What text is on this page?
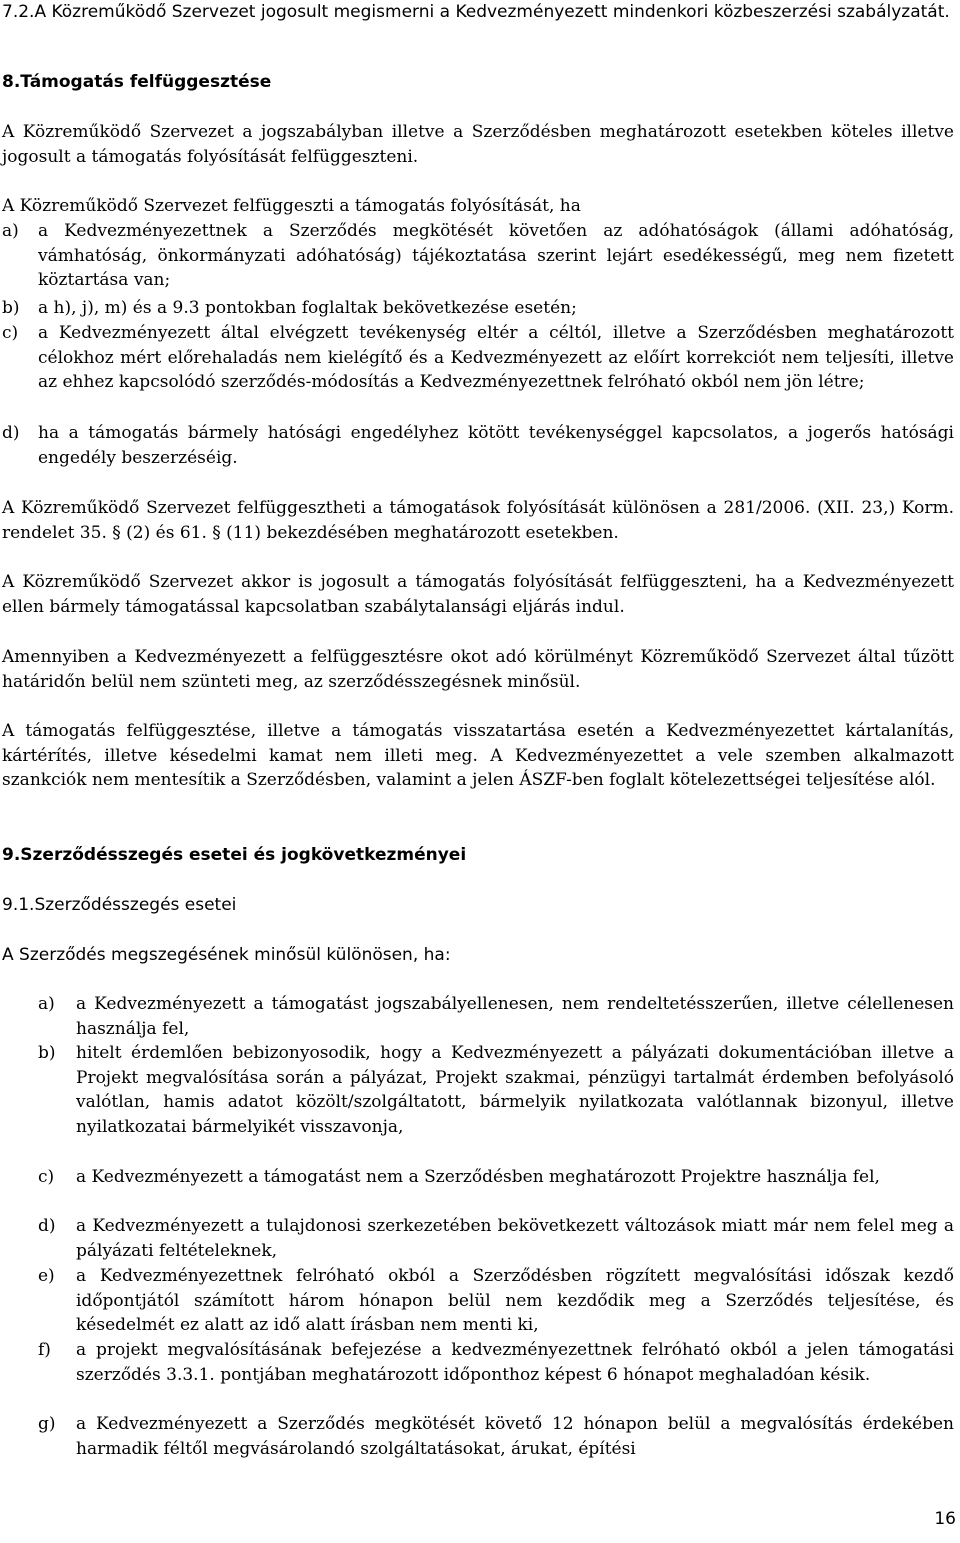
7.2.A Közreműködő Szervezet jogosult megismerni a Kedvezményezett mindenkori közbeszerzési szabályzatát.

8.Támogatás felfüggesztése

A Közreműködő Szervezet a jogszabályban illetve a Szerződésben meghatározott esetekben köteles illetve jogosult a támogatás folyósítását felfüggeszteni.

A Közreműködő Szervezet felfüggeszti a támogatás folyósítását, ha

a)	a Kedvezményezettnek a Szerződés megkötését követően az adóhatóságok (állami adóhatóság, vámhatóság, önkormányzati adóhatóság) tájékoztatása szerint lejárt esedékességű, meg nem fizetett köztartása van;
b)	a h), j), m) és a 9.3 pontokban foglaltak bekövetkezése esetén;
c)	a Kedvezményezett által elvégzett tevékenység eltér a céltól, illetve a Szerződésben meghatározott célokhoz mért előrehaladás nem kielégítő és a Kedvezményezett az előírt korrekciót nem teljesíti, illetve az ehhez kapcsolódó szerződés-módosítás a Kedvezményezettnek felróható okból nem jön létre;
d)	ha a támogatás bármely hatósági engedélyhez kötött tevékenységgel kapcsolatos, a jogerős hatósági engedély beszerzéséig.

A Közreműködő Szervezet felfüggesztheti a támogatások folyósítását különösen a 281/2006. (XII. 23,) Korm. rendelet 35. § (2) és 61. § (11) bekezdésében meghatározott esetekben.

A Közreműködő Szervezet akkor is jogosult a támogatás folyósítását felfüggeszteni, ha a Kedvezményezett ellen bármely támogatással kapcsolatban szabálytalansági eljárás indul.

Amennyiben a Kedvezményezett a felfüggesztésre okot adó körülményt Közreműködő Szervezet által tűzött határidőn belül nem szünteti meg, az szerződésszegésnek minősül.

A támogatás felfüggesztése, illetve a támogatás visszatartása esetén a Kedvezményezettet kártalanítás, kártérítés, illetve késedelmi kamat nem illeti meg. A Kedvezményezettet a vele szemben alkalmazott szankciók nem mentesítik a Szerződésben, valamint a jelen ÁSZF-ben foglalt kötelezettségei teljesítése alól.

9.Szerződésszegés esetei és jogkövetkezményei

9.1.Szerződésszegés esetei

A Szerződés megszegésének minősül különösen, ha:

a)	a Kedvezményezett a támogatást jogszabályellenesen, nem rendeltetésszerűen, illetve célellenesen használja fel,
b)	hitelt érdemlően bebizonyosodik, hogy a Kedvezményezett a pályázati dokumentációban illetve a Projekt megvalósítása során a pályázat, Projekt szakmai, pénzügyi tartalmát érdemben befolyásoló valótlan, hamis adatot közölt/szolgáltatott, bármelyik nyilatkozata valótlannak bizonyul, illetve nyilatkozatai bármelyikét visszavonja,
c)	a Kedvezményezett a támogatást nem a Szerződésben meghatározott Projektre használja fel,
d)	a Kedvezményezett a tulajdonosi szerkezetében bekövetkezett változások miatt már nem felel meg a pályázati feltételeknek,
e)	a Kedvezményezettnek felróható okból a Szerződésben rögzített megvalósítási időszak kezdő időpontjától számított három hónapon belül nem kezdődik meg a Szerződés teljesítése, és késedelmét ez alatt az idő alatt írásban nem menti ki,
f)	a projekt megvalósításának befejezése a kedvezményezettnek felróható okból a jelen támogatási szerződés 3.3.1. pontjában meghatározott időponthoz képest 6 hónapot meghaladóan késik.
g)	a Kedvezményezett a Szerződés megkötését követő 12 hónapon belül a megvalósítás érdekében harmadik féltől megvásárolandó szolgáltatásokat, árukat, építési
16
